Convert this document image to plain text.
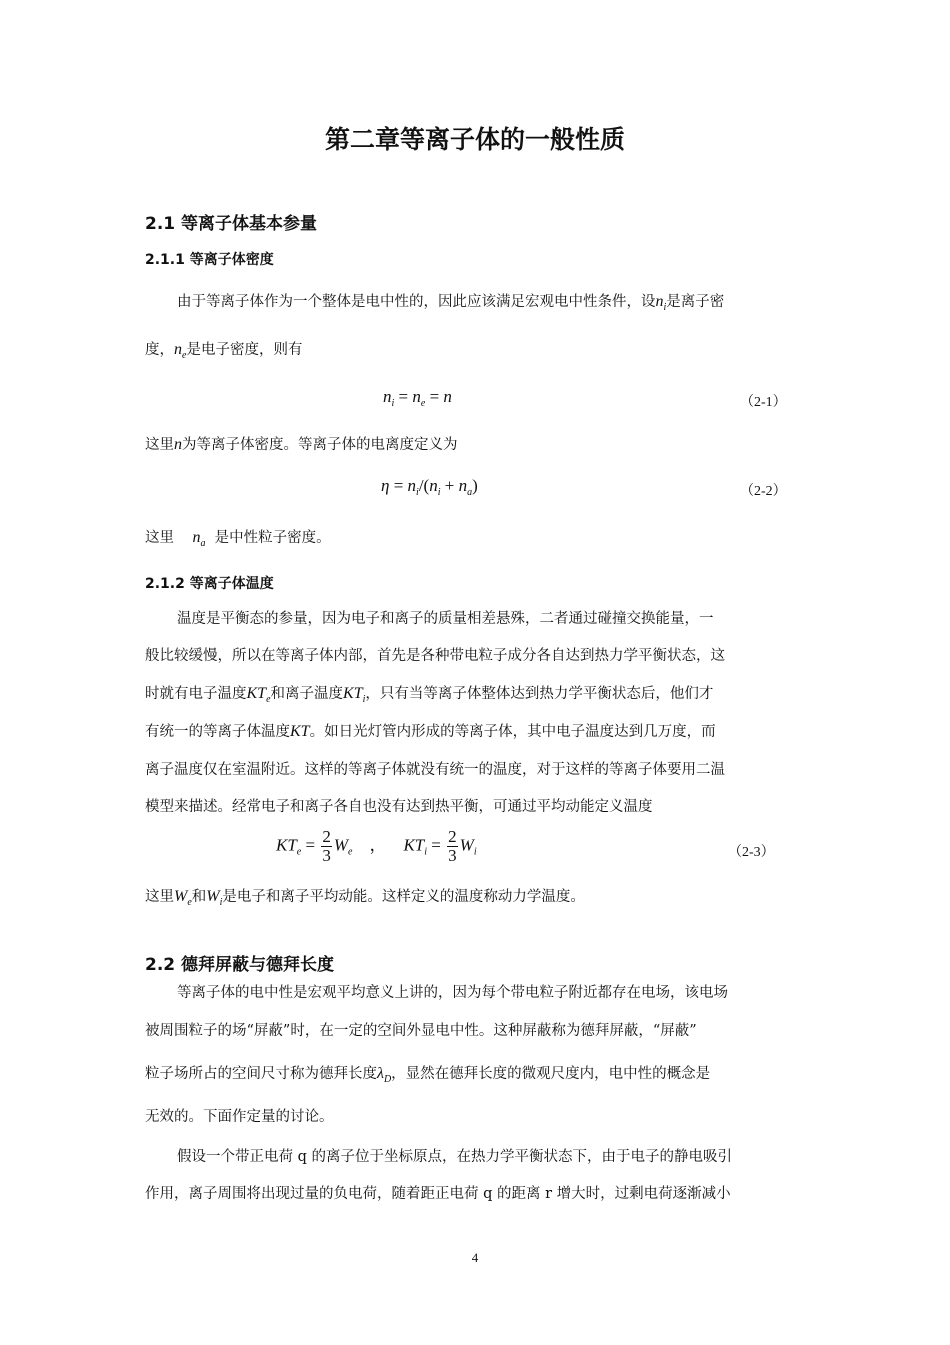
第二章等离子体的一般性质
2.1 等离子体基本参量
2.1.1 等离子体密度
由于等离子体作为一个整体是电中性的，因此应该满足宏观电中性条件，设$n_i$是离子密
度，$n_e$是电子密度，则有
$n_i = n_e = n$	（2-1）
这里n为等离子体密度。等离子体的电离度定义为
$\eta = n_i/(n_i + n_a)$	（2-2）
这里 $n_a$ 是中性粒子密度。
2.1.2 等离子体温度
温度是平衡态的参量，因为电子和离子的质量相差悬殊，二者通过碰撞交换能量，一
般比较缓慢，所以在等离子体内部，首先是各种带电粒子成分各自达到热力学平衡状态，这
时就有电子温度$KT_e$和离子温度$KT_i$，只有当等离子体整体达到热力学平衡状态后，他们才
有统一的等离子体温度KT。如日光灯管内形成的等离子体，其中电子温度达到几万度，而
离子温度仅在室温附近。这样的等离子体就没有统一的温度，对于这样的等离子体要用二温
模型来描述。经常电子和离子各自也没有达到热平衡，可通过平均动能定义温度
$KT_e = \frac{2}{3} W_e$ ， $KT_i = \frac{2}{3} W_i$	（2-3）
这里$W_e$和$W_i$是电子和离子平均动能。这样定义的温度称动力学温度。
2.2 德拜屏蔽与德拜长度
等离子体的电中性是宏观平均意义上讲的，因为每个带电粒子附近都存在电场，该电场
被周围粒子的场“屏蔽”时，在一定的空间外显电中性。这种屏蔽称为德拜屏蔽，“屏蔽”
粒子场所占的空间尺寸称为德拜长度$\lambda_D$，显然在德拜长度的微观尺度内，电中性的概念是
无效的。下面作定量的讨论。
假设一个带正电荷 q 的离子位于坐标原点，在热力学平衡状态下，由于电子的静电吸引
作用，离子周围将出现过量的负电荷，随着距正电荷 q 的距离 r 增大时，过剩电荷逐渐减小
4
